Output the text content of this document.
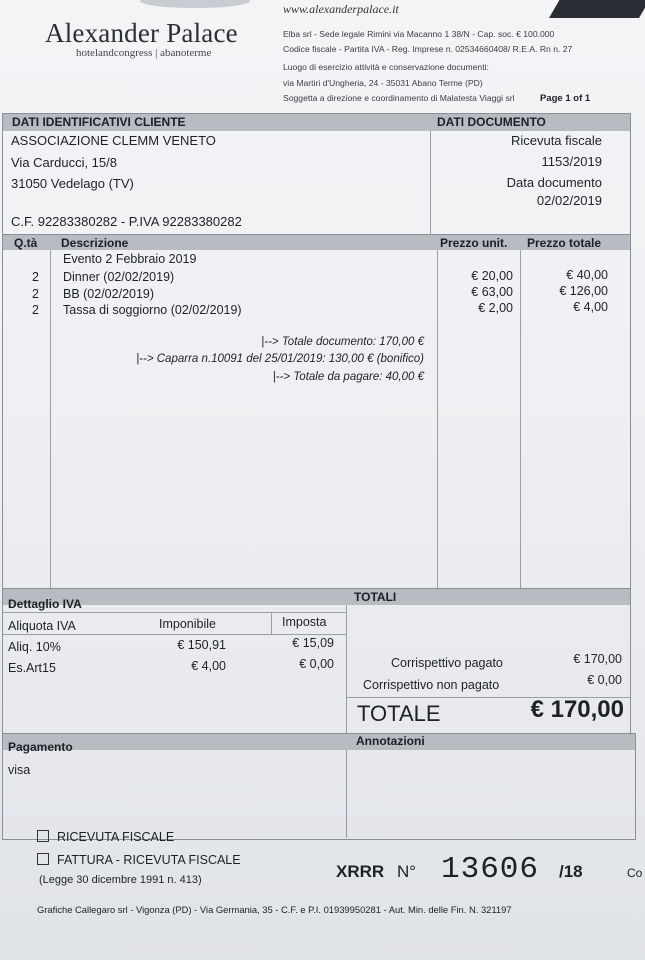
Alexander Palace
hotelandcongress | abanoterme
www.alexanderpalace.it
Elba srl - Sede legale Rimini via Macanno 1 38/N - Cap. soc. € 100.000
Codice fiscale - Partita IVA - Reg. Imprese n. 02534660408/ R.E.A. Rn n. 27
Luogo di esercizio attività e conservazione documenti:
via Martiri d'Ungheria, 24 - 35031 Abano Terme (PD)
Soggetta a direzione e coordinamento di Malatesta Viaggi srl	Page 1 of 1
DATI IDENTIFICATIVI CLIENTE	DATI DOCUMENTO
ASSOCIAZIONE CLEMM VENETO
Via Carducci, 15/8
31050 Vedelago (TV)
C.F. 92283380282 - P.IVA 92283380282
Ricevuta fiscale
1153/2019
Data documento
02/02/2019
Q.tà Descrizione	Prezzo unit. Prezzo totale
Evento 2 Febbraio 2019
2 Dinner (02/02/2019)	€ 20,00	€ 40,00
2 BB (02/02/2019)	€ 63,00	€ 126,00
2 Tassa di soggiorno (02/02/2019)	€ 2,00	€ 4,00
|--> Totale documento: 170,00 €
|--> Caparra n.10091 del 25/01/2019: 130,00 € (bonifico)
|--> Totale da pagare: 40,00 €
Dettaglio IVA	TOTALI
Aliquota IVA	Imponibile	Imposta
Aliq. 10%	€ 150,91	€ 15,09
Es.Art15	€ 4,00	€ 0,00	Corrispettivo pagato	€ 170,00
Corrispettivo non pagato	€ 0,00
TOTALE	€ 170,00
Pagamento	Annotazioni
visa
RICEVUTA FISCALE
FATTURA - RICEVUTA FISCALE
(Legge 30 dicembre 1991 n. 413)	XRRR N° 13606 /18	Co
Grafiche Callegaro srl - Vigonza (PD) - Via Germania, 35 - C.F. e P.I. 01939950281 - Aut. Min. delle Fin. N. 321197
